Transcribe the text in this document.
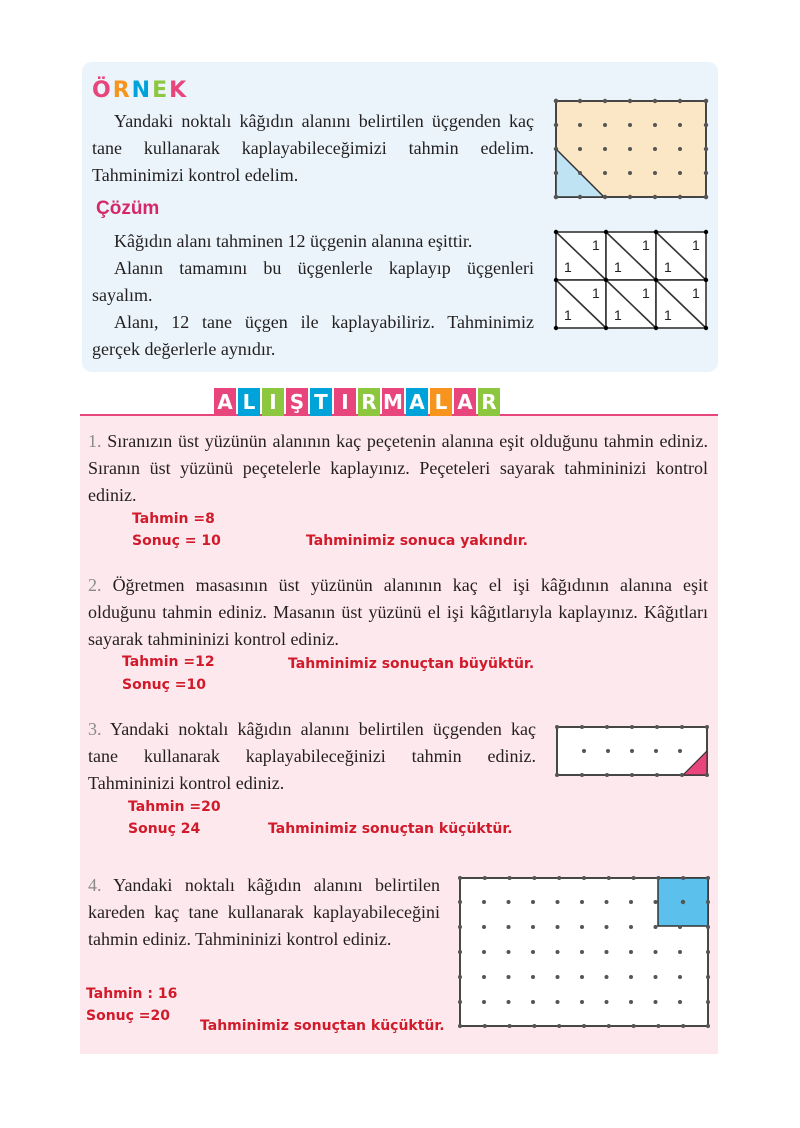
ÖRNEK
Yandaki noktalı kâğıdın alanını belirtilen üçgenden kaç tane kullanarak kaplayabileceğimizi tahmin edelim. Tahminimizi kontrol edelim.
Çözüm
Kâğıdın alanı tahminen 12 üçgenin alanına eşittir.
Alanın tamamını bu üçgenlerle kaplayıp üçgenleri sayalım.
Alanı, 12 tane üçgen ile kaplayabiliriz. Tahminimiz gerçek değerlerle aynıdır.
1
1
1
1
1
1
1
1
1
1
1
1
A L I Ş T I R M A L A R
1. Sıranızın üst yüzünün alanının kaç peçetenin alanına eşit olduğunu tahmin ediniz. Sıranın üst yüzünü peçetelerle kaplayınız. Peçeteleri sayarak tahmininizi kontrol ediniz.
Tahmin =8
Sonuç = 10	Tahminimiz sonuca yakındır.
2. Öğretmen masasının üst yüzünün alanının kaç el işi kâğıdının alanına eşit olduğunu tahmin ediniz. Masanın üst yüzünü el işi kâğıtlarıyla kaplayınız. Kâğıtları sayarak tahmininizi kontrol ediniz.
Tahmin =12	Tahminimiz sonuçtan büyüktür.
Sonuç =10
3. Yandaki noktalı kâğıdın alanını belirtilen üçgenden kaç tane kullanarak kaplayabileceğinizi tahmin ediniz. Tahmininizi kontrol ediniz.
Tahmin =20
Sonuç 24	Tahminimiz sonuçtan küçüktür.
4. Yandaki noktalı kâğıdın alanını belirtilen kareden kaç tane kullanarak kaplayabileceğini tahmin ediniz. Tahmininizi kontrol ediniz.
Tahmin : 16
Sonuç =20
Tahminimiz sonuçtan küçüktür.
